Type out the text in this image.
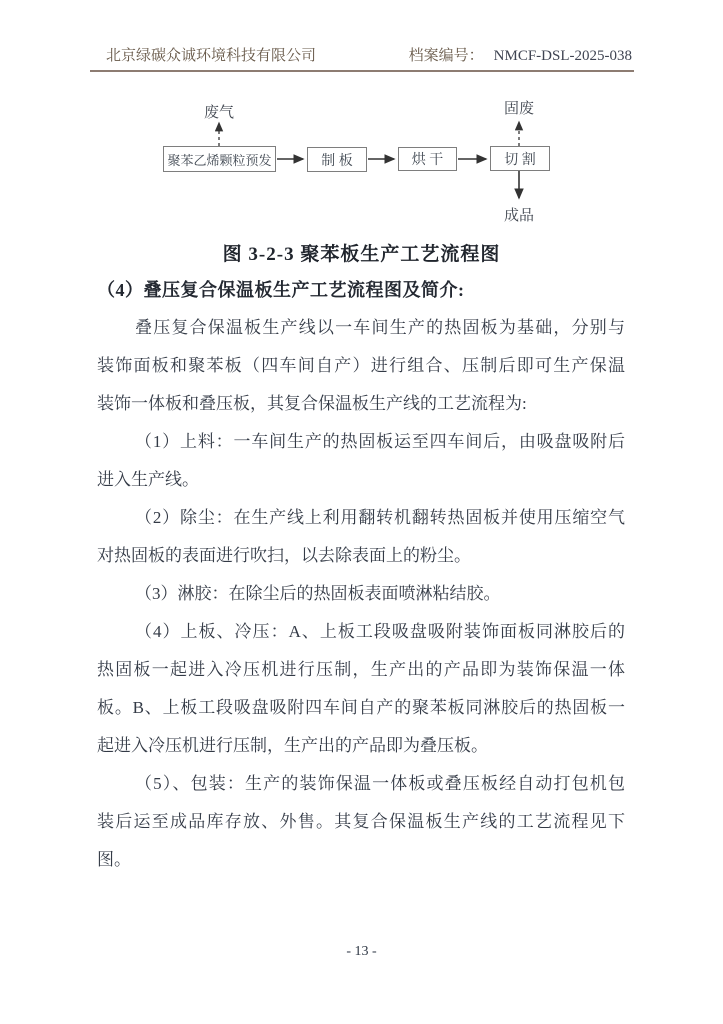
北京绿碳众诚环境科技有限公司	档案编号： NMCF-DSL-2025-038
废气	固废
成品
聚苯乙烯颗粒预发	制 板	烘 干	切 割
图 3-2-3 聚苯板生产工艺流程图
（4）叠压复合保温板生产工艺流程图及简介:
叠压复合保温板生产线以一车间生产的热固板为基础，分别与
装饰面板和聚苯板（四车间自产）进行组合、压制后即可生产保温
装饰一体板和叠压板，其复合保温板生产线的工艺流程为:
（1）上料：一车间生产的热固板运至四车间后，由吸盘吸附后
进入生产线。
（2）除尘：在生产线上利用翻转机翻转热固板并使用压缩空气
对热固板的表面进行吹扫，以去除表面上的粉尘。
（3）淋胶：在除尘后的热固板表面喷淋粘结胶。
（4）上板、冷压：A、上板工段吸盘吸附装饰面板同淋胶后的
热固板一起进入冷压机进行压制，生产出的产品即为装饰保温一体
板。B、上板工段吸盘吸附四车间自产的聚苯板同淋胶后的热固板一
起进入冷压机进行压制，生产出的产品即为叠压板。
（5）、包装：生产的装饰保温一体板或叠压板经自动打包机包
装后运至成品库存放、外售。其复合保温板生产线的工艺流程见下
图。
- 13 -
